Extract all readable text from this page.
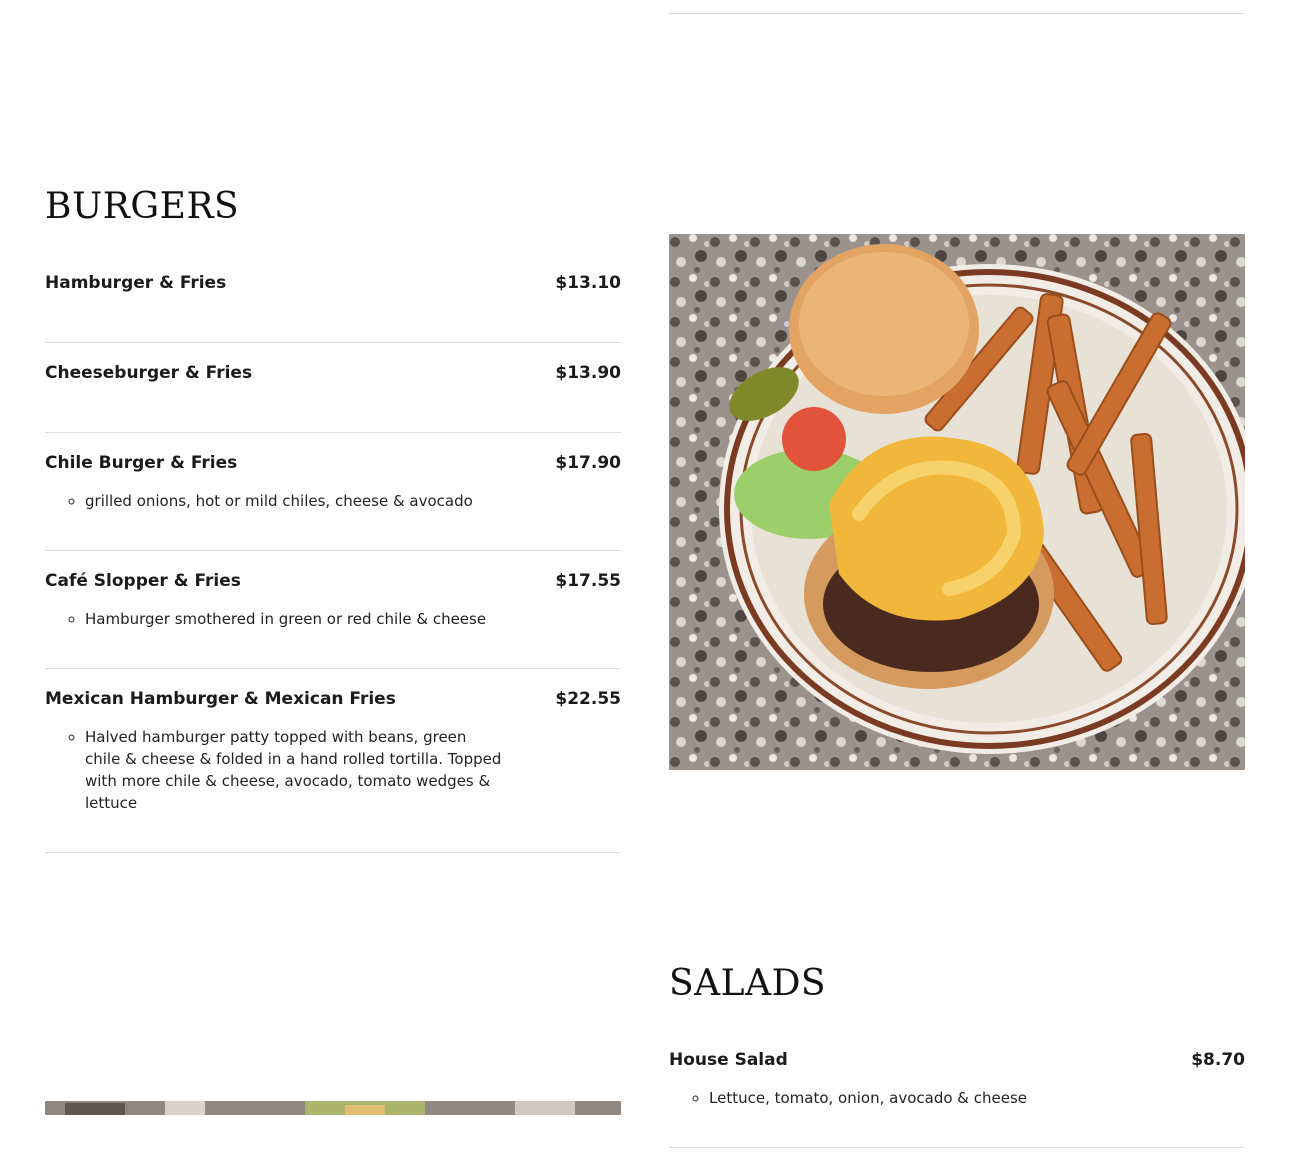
BURGERS
Hamburger & Fries	$13.10
Cheeseburger & Fries	$13.90
Chile Burger & Fries	$17.90
◦ grilled onions, hot or mild chiles, cheese & avocado
Café Slopper & Fries	$17.55
◦ Hamburger smothered in green or red chile & cheese
Mexican Hamburger & Mexican Fries	$22.55
◦ Halved hamburger patty topped with beans, green chile & cheese & folded in a hand rolled tortilla. Topped with more chile & cheese, avocado, tomato wedges & lettuce
SALADS
House Salad	$8.70
◦ Lettuce, tomato, onion, avocado & cheese
